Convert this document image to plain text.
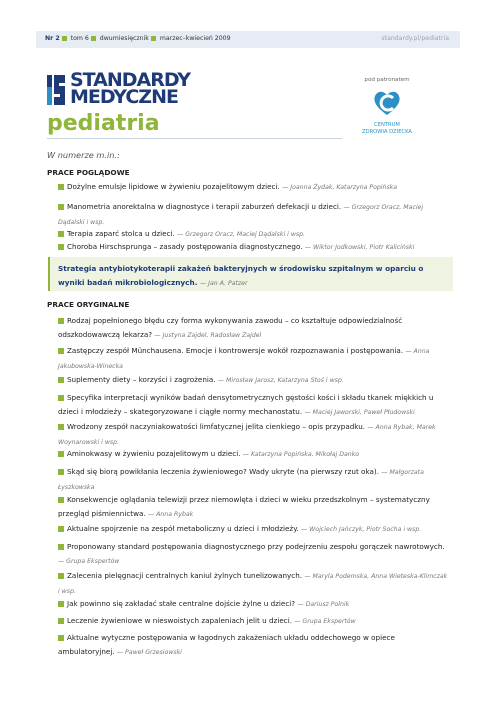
Nr 2 tom 6 dwumiesięcznik marzec–kwiecień 2009	standardy.pl/pediatria
STANDARDY
MEDYCZNE
pediatria
pod patronatem
CENTRUM
ZDROWIA DZIECKA
W numerze m.in.:
PRACE POGLĄDOWE
Dożylne emulsje lipidowe w żywieniu pozajelitowym dzieci. — Joanna Żydak, Katarzyna Popińska
Manometria anorektalna w diagnostyce i terapii zaburzeń defekacji u dzieci. — Grzegorz Oracz, Maciej Dądalski i wsp.
Terapia zaparć stolca u dzieci. — Grzegorz Oracz, Maciej Dądalski i wsp.
Choroba Hirschsprunga – zasady postępowania diagnostycznego. — Wiktor Jodkowski, Piotr Kaliciński
Strategia antybiotykoterapii zakażeń bakteryjnych w środowisku szpitalnym w oparciu o wyniki badań mikrobiologicznych. — Jan A. Patzer
PRACE ORYGINALNE
Rodzaj popełnionego błędu czy forma wykonywania zawodu – co kształtuje odpowiedzialność odszkodowawczą lekarza? — Justyna Zajdel, Radosław Zajdel
Zastępczy zespół Münchausena. Emocje i kontrowersje wokół rozpoznawania i postępowania. — Anna Jakubowska-Winecka
Suplementy diety – korzyści i zagrożenia. — Mirosław Jarosz, Katarzyna Stoś i wsp.
Specyfika interpretacji wyników badań densytometrycznych gęstości kości i składu tkanek miękkich u dzieci i młodzieży – skategoryzowane i ciągłe normy mechanostatu. — Maciej Jaworski, Paweł Płudowski
Wrodzony zespół naczyniakowatości limfatycznej jelita cienkiego – opis przypadku. — Anna Rybak, Marek Woynarowski i wsp.
Aminokwasy w żywieniu pozajelitowym u dzieci. — Katarzyna Popińska, Mikołaj Danko
Skąd się biorą powikłania leczenia żywieniowego? Wady ukryte (na pierwszy rzut oka). — Małgorzata Łyszkowska
Konsekwencje oglądania telewizji przez niemowlęta i dzieci w wieku przedszkolnym – systematyczny przegląd piśmiennictwa. — Anna Rybak
Aktualne spojrzenie na zespół metaboliczny u dzieci i młodzieży. — Wojciech Jańczyk, Piotr Socha i wsp.
Proponowany standard postępowania diagnostycznego przy podejrzeniu zespołu gorączek nawrotowych. — Grupa Ekspertów
Zalecenia pielęgnacji centralnych kaniul żylnych tunelizowanych. — Maryla Podemska, Anna Wieteska-Klimczak i wsp.
Jak powinno się zakładać stałe centralne dojście żylne u dzieci? — Dariusz Polnik
Leczenie żywieniowe w nieswoistych zapaleniach jelit u dzieci. — Grupa Ekspertów
Aktualne wytyczne postępowania w łagodnych zakażeniach układu oddechowego w opiece ambulatoryjnej. — Paweł Grzesiowski
